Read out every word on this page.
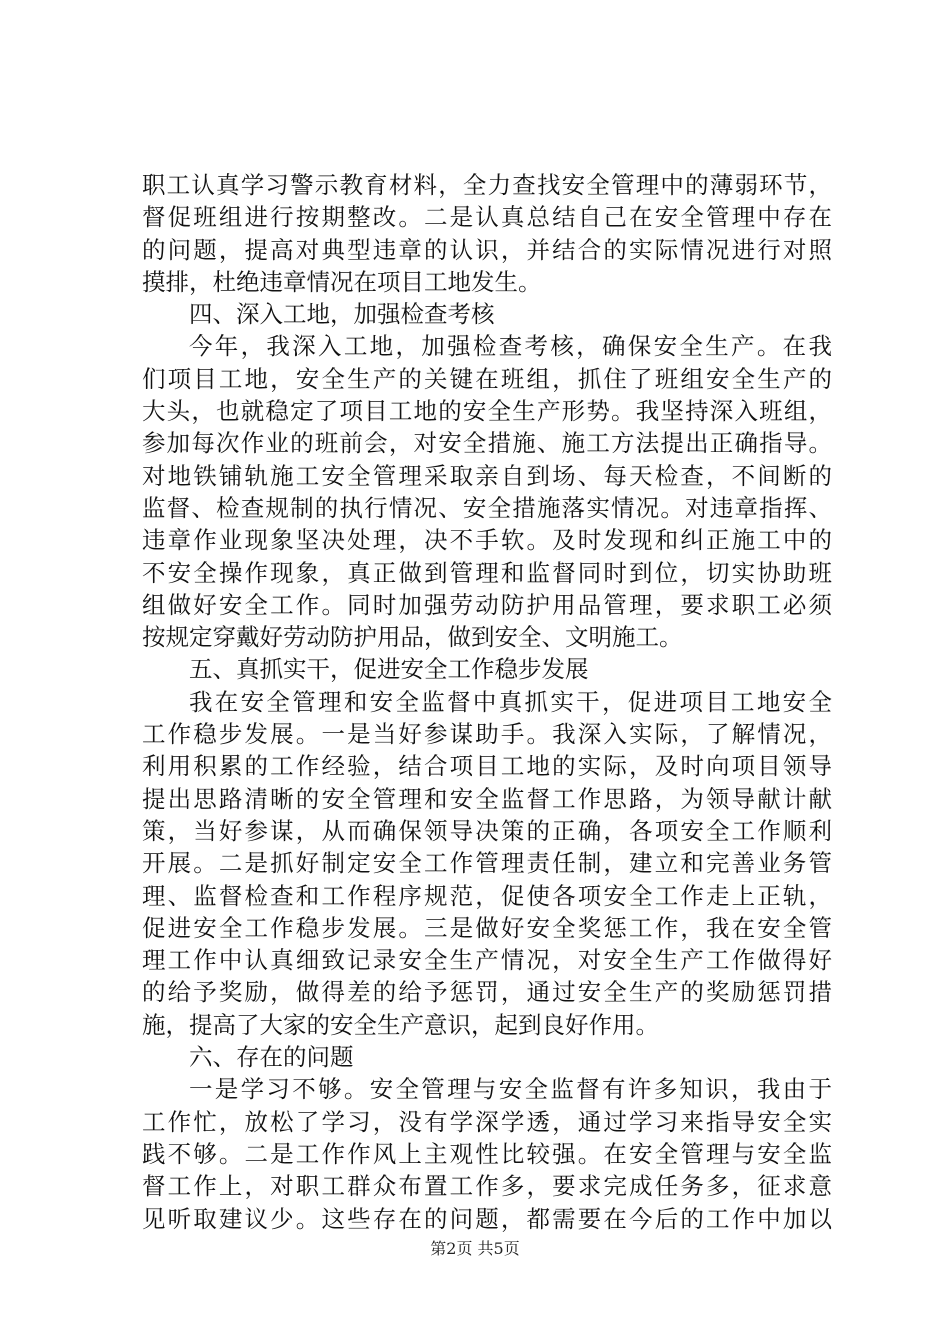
职工认真学习警示教育材料，全力查找安全管理中的薄弱环节，
督促班组进行按期整改。二是认真总结自己在安全管理中存在
的问题，提高对典型违章的认识，并结合的实际情况进行对照
摸排，杜绝违章情况在项目工地发生。
四、深入工地，加强检查考核
今年，我深入工地，加强检查考核，确保安全生产。在我
们项目工地，安全生产的关键在班组，抓住了班组安全生产的
大头，也就稳定了项目工地的安全生产形势。我坚持深入班组，
参加每次作业的班前会，对安全措施、施工方法提出正确指导。
对地铁铺轨施工安全管理采取亲自到场、每天检查，不间断的
监督、检查规制的执行情况、安全措施落实情况。对违章指挥、
违章作业现象坚决处理，决不手软。及时发现和纠正施工中的
不安全操作现象，真正做到管理和监督同时到位，切实协助班
组做好安全工作。同时加强劳动防护用品管理，要求职工必须
按规定穿戴好劳动防护用品，做到安全、文明施工。
五、真抓实干，促进安全工作稳步发展
我在安全管理和安全监督中真抓实干，促进项目工地安全
工作稳步发展。一是当好参谋助手。我深入实际，了解情况，
利用积累的工作经验，结合项目工地的实际，及时向项目领导
提出思路清晰的安全管理和安全监督工作思路，为领导献计献
策，当好参谋，从而确保领导决策的正确，各项安全工作顺利
开展。二是抓好制定安全工作管理责任制，建立和完善业务管
理、监督检查和工作程序规范，促使各项安全工作走上正轨，
促进安全工作稳步发展。三是做好安全奖惩工作，我在安全管
理工作中认真细致记录安全生产情况，对安全生产工作做得好
的给予奖励，做得差的给予惩罚，通过安全生产的奖励惩罚措
施，提高了大家的安全生产意识，起到良好作用。
六、存在的问题
一是学习不够。安全管理与安全监督有许多知识，我由于
工作忙，放松了学习，没有学深学透，通过学习来指导安全实
践不够。二是工作作风上主观性比较强。在安全管理与安全监
督工作上，对职工群众布置工作多，要求完成任务多，征求意
见听取建议少。这些存在的问题，都需要在今后的工作中加以
第2页 共5页
